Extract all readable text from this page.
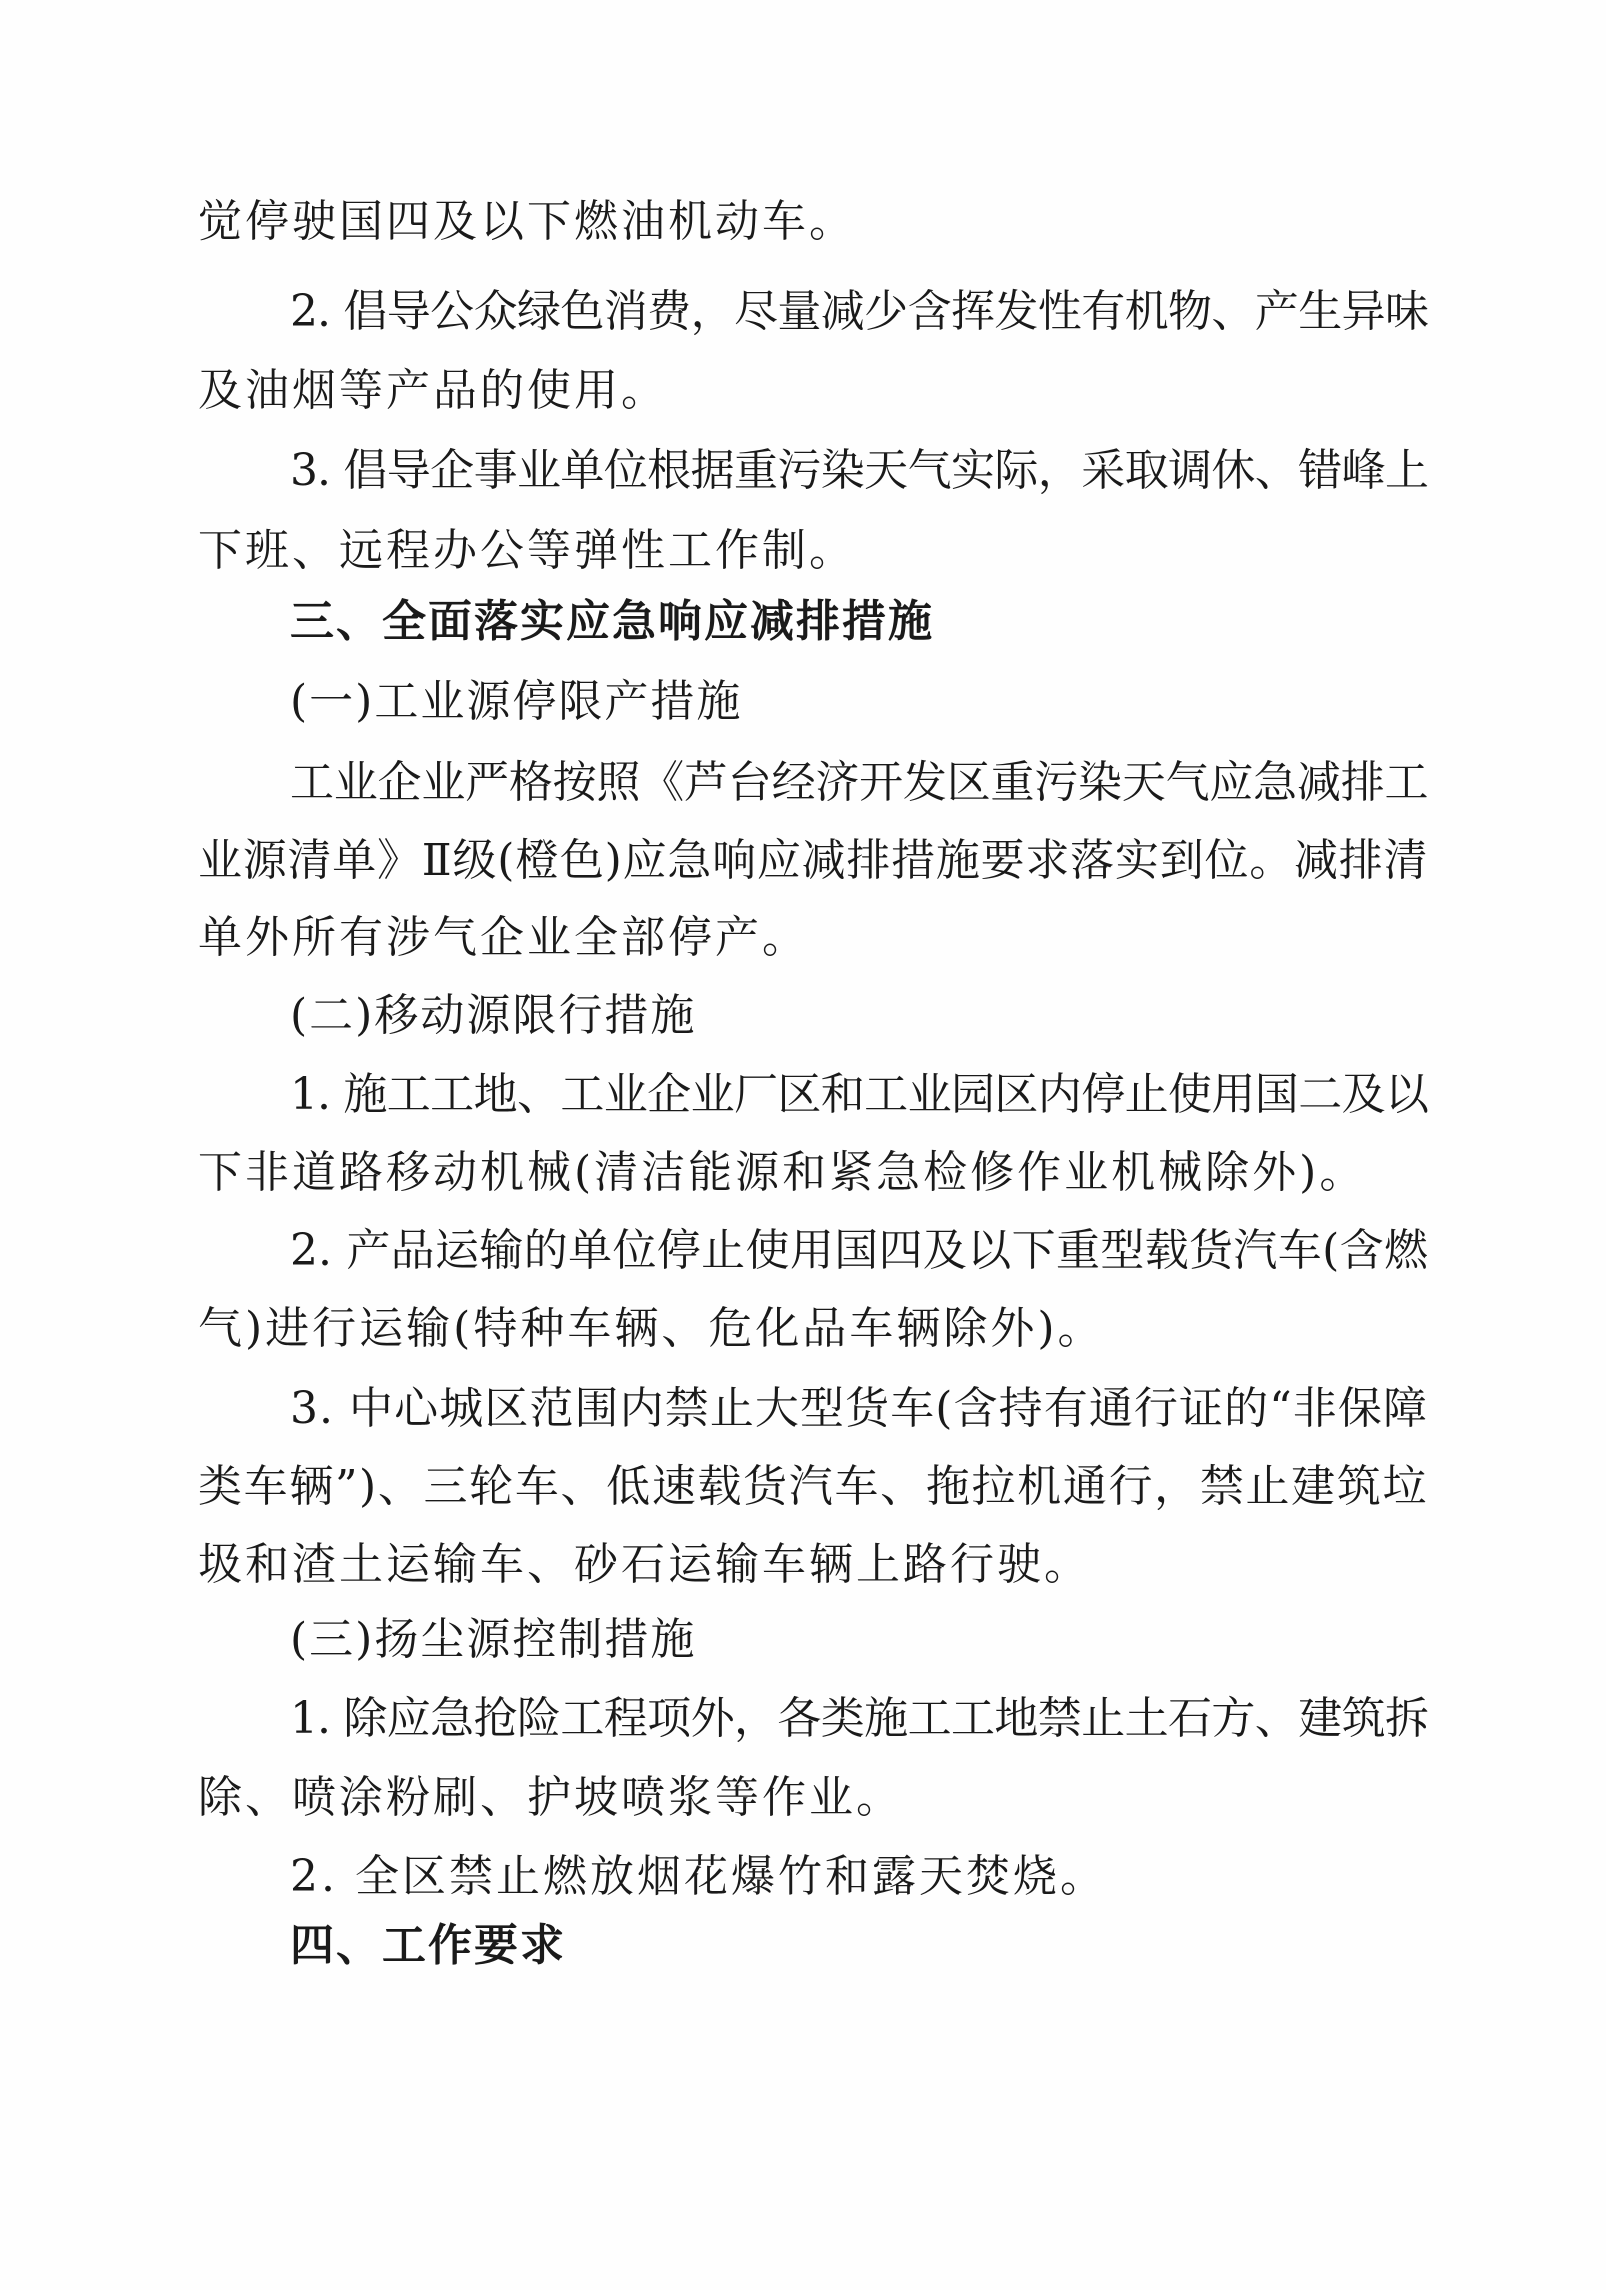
觉停驶国四及以下燃油机动车。
2. 倡导公众绿色消费，尽量减少含挥发性有机物、产生异味
及油烟等产品的使用。
3. 倡导企事业单位根据重污染天气实际，采取调休、错峰上
下班、远程办公等弹性工作制。
三、全面落实应急响应减排措施
(一)工业源停限产措施
工业企业严格按照《芦台经济开发区重污染天气应急减排工
业源清单》Ⅱ级(橙色)应急响应减排措施要求落实到位。减排清
单外所有涉气企业全部停产。
(二)移动源限行措施
1. 施工工地、工业企业厂区和工业园区内停止使用国二及以
下非道路移动机械(清洁能源和紧急检修作业机械除外)。
2. 产品运输的单位停止使用国四及以下重型载货汽车(含燃
气)进行运输(特种车辆、危化品车辆除外)。
3. 中心城区范围内禁止大型货车(含持有通行证的“非保障
类车辆”)、三轮车、低速载货汽车、拖拉机通行，禁止建筑垃
圾和渣土运输车、砂石运输车辆上路行驶。
(三)扬尘源控制措施
1. 除应急抢险工程项外，各类施工工地禁止土石方、建筑拆
除、喷涂粉刷、护坡喷浆等作业。
2. 全区禁止燃放烟花爆竹和露天焚烧。
四、工作要求
